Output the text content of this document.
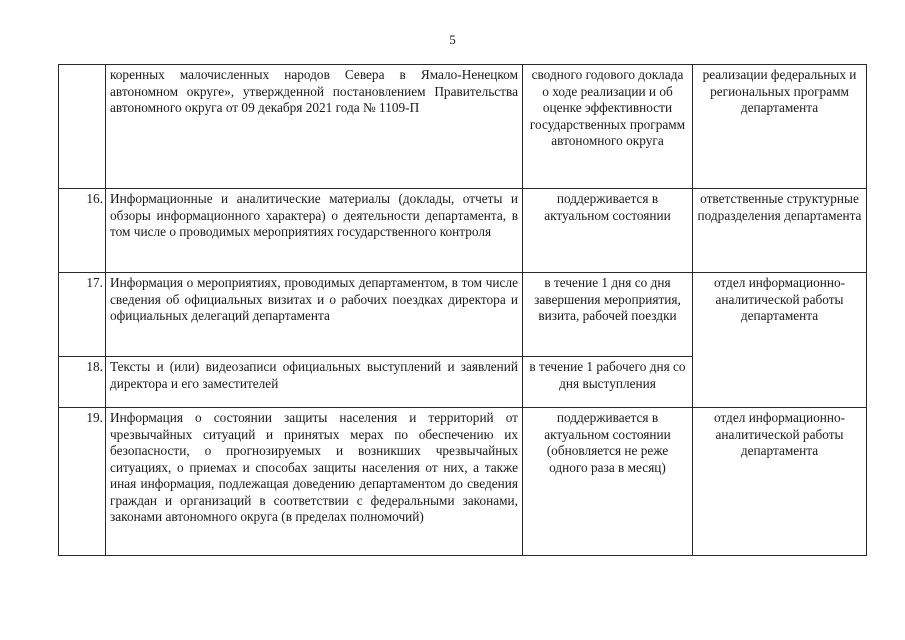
5
	коренных малочисленных народов Севера в Ямало-Ненецком автономном округе», утвержденной постановлением Правительства автономного округа от 09 декабря 2021 года № 1109-П	сводного годового доклада о ходе реализации и об оценке эффективности государственных программ автономного округа	реализации федеральных и региональных программ департамента
16.	Информационные и аналитические материалы (доклады, отчеты и обзоры информационного характера) о деятельности департамента, в том числе о проводимых мероприятиях государственного контроля	поддерживается в актуальном состоянии	ответственные структурные подразделения департамента
17.	Информация о мероприятиях, проводимых департаментом, в том числе сведения об официальных визитах и о рабочих поездках директора и официальных делегаций департамента	в течение 1 дня со дня завершения мероприятия, визита, рабочей поездки	отдел информационно-аналитической работы департамента
18.	Тексты и (или) видеозаписи официальных выступлений и заявлений директора и его заместителей	в течение 1 рабочего дня со дня выступления	
19.	Информация о состоянии защиты населения и территорий от чрезвычайных ситуаций и принятых мерах по обеспечению их безопасности, о прогнозируемых и возникших чрезвычайных ситуациях, о приемах и способах защиты населения от них, а также иная информация, подлежащая доведению департаментом до сведения граждан и организаций в соответствии с федеральными законами, законами автономного округа (в пределах полномочий)	поддерживается в актуальном состоянии (обновляется не реже одного раза в месяц)	отдел информационно-аналитической работы департамента
